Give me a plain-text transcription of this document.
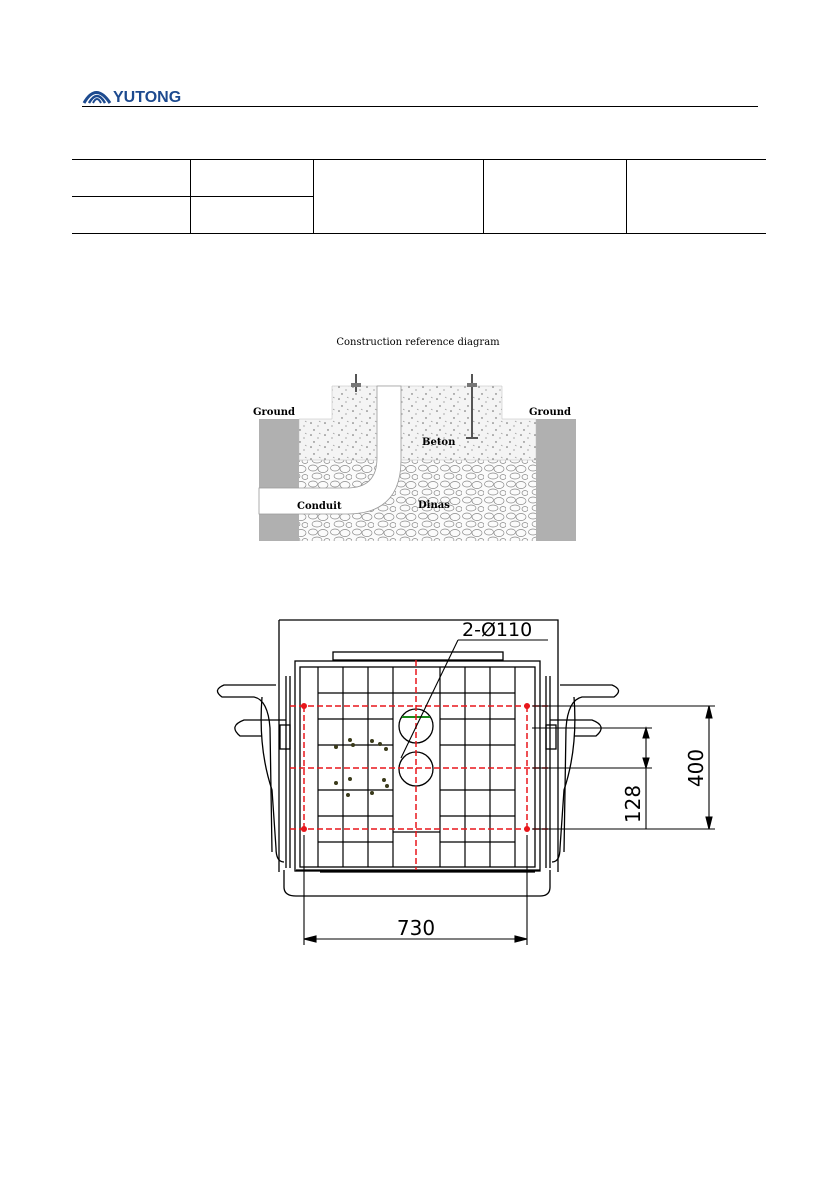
YUTONG

Construction reference diagram
Ground	Ground
Beton
Conduit	Dinas
2-Ø110
730
400
128
